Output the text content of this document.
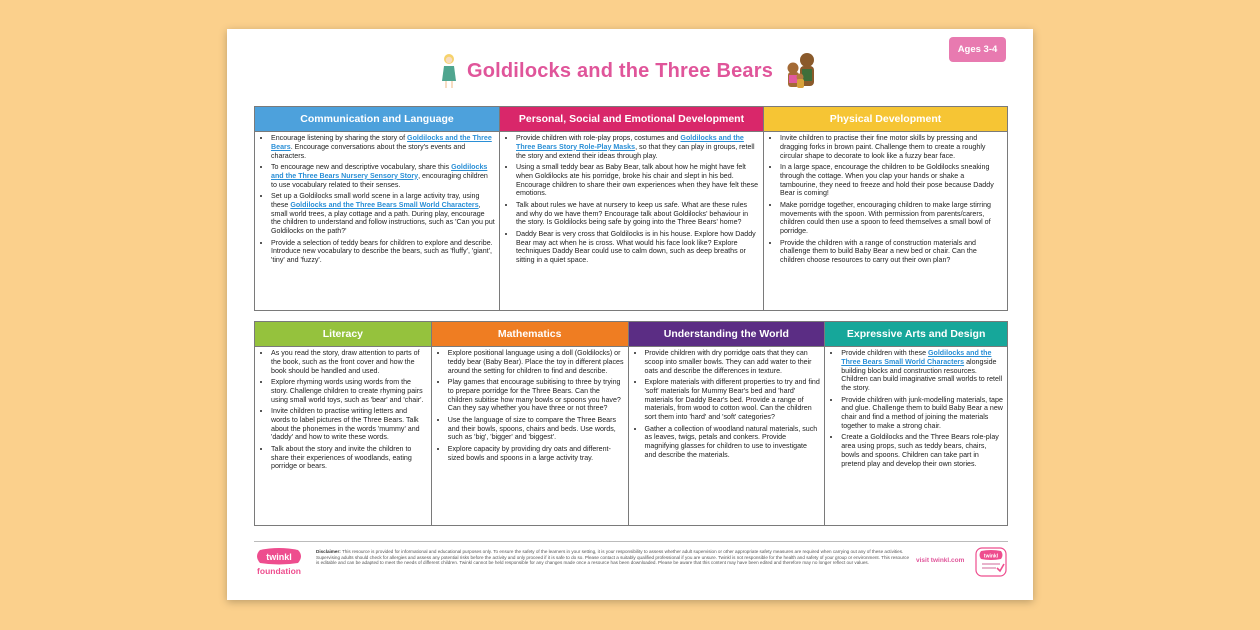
Ages 3-4
Goldilocks and the Three Bears
Communication and Language
• Encourage listening by sharing the story of Goldilocks and the Three Bears. Encourage conversations about the story's events and characters.
• To encourage new and descriptive vocabulary, share this Goldilocks and the Three Bears Nursery Sensory Story, encouraging children to use vocabulary related to their senses.
• Set up a Goldilocks small world scene in a large activity tray, using these Goldilocks and the Three Bears Small World Characters, small world trees, a play cottage and a path. During play, encourage the children to understand and follow instructions, such as 'Can you put Goldilocks on the path?'
• Provide a selection of teddy bears for children to explore and describe. Introduce new vocabulary to describe the bears, such as 'fluffy', 'giant', 'tiny' and 'fuzzy'.
Personal, Social and Emotional Development
• Provide children with role-play props, costumes and Goldilocks and the Three Bears Story Role-Play Masks, so that they can play in groups, retell the story and extend their ideas through play.
• Using a small teddy bear as Baby Bear, talk about how he might have felt when Goldilocks ate his porridge, broke his chair and slept in his bed. Encourage children to share their own experiences when they have felt these emotions.
• Talk about rules we have at nursery to keep us safe. What are these rules and why do we have them? Encourage talk about Goldilocks' behaviour in the story. Is Goldilocks being safe by going into the Three Bears' home?
• Daddy Bear is very cross that Goldilocks is in his house. Explore how Daddy Bear may act when he is cross. What would his face look like? Explore techniques Daddy Bear could use to calm down, such as deep breaths or sitting in a quiet space.
Physical Development
• Invite children to practise their fine motor skills by pressing and dragging forks in brown paint. Challenge them to create a roughly circular shape to decorate to look like a fuzzy bear face.
• In a large space, encourage the children to be Goldilocks sneaking through the cottage. When you clap your hands or shake a tambourine, they need to freeze and hold their pose because Daddy Bear is coming!
• Make porridge together, encouraging children to make large stirring movements with the spoon. With permission from parents/carers, children could then use a spoon to feed themselves a small bowl of porridge.
• Provide the children with a range of construction materials and challenge them to build Baby Bear a new bed or chair. Can the children choose resources to carry out their own plan?
Literacy
• As you read the story, draw attention to parts of the book, such as the front cover and how the book should be handled and used.
• Explore rhyming words using words from the story. Challenge children to create rhyming pairs using small world toys, such as 'bear' and 'chair'.
• Invite children to practise writing letters and words to label pictures of the Three Bears. Talk about the phonemes in the words 'mummy' and 'daddy' and how to write these words.
• Talk about the story and invite the children to share their experiences of woodlands, eating porridge or bears.
Mathematics
• Explore positional language using a doll (Goldilocks) or teddy bear (Baby Bear). Place the toy in different places around the setting for children to find and describe.
• Play games that encourage subitising to three by trying to prepare porridge for the Three Bears. Can the children subitise how many bowls or spoons you have? Can they say whether you have three or not three?
• Use the language of size to compare the Three Bears and their bowls, spoons, chairs and beds. Use words, such as 'big', 'bigger' and 'biggest'.
• Explore capacity by providing dry oats and different-sized bowls and spoons in a large activity tray.
Understanding the World
• Provide children with dry porridge oats that they can scoop into smaller bowls. They can add water to their oats and describe the differences in texture.
• Explore materials with different properties to try and find 'soft' materials for Mummy Bear's bed and 'hard' materials for Daddy Bear's bed. Provide a range of materials, from wood to cotton wool. Can the children sort them into 'hard' and 'soft' categories?
• Gather a collection of woodland natural materials, such as leaves, twigs, petals and conkers. Provide magnifying glasses for children to use to investigate and describe the materials.
Expressive Arts and Design
• Provide children with these Goldilocks and the Three Bears Small World Characters alongside building blocks and construction resources. Children can build imaginative small worlds to retell the story.
• Provide children with junk-modelling materials, tape and glue. Challenge them to build Baby Bear a new chair and find a method of joining the materials together to make a strong chair.
• Create a Goldilocks and the Three Bears role-play area using props, such as teddy bears, chairs, bowls and spoons. Children can take part in pretend play and develop their own stories.
twinkl
foundation
Disclaimer: This resource is provided for informational and educational purposes only. To ensure the safety of the learners in your setting, it is your responsibility to assess whether adult supervision or other appropriate safety measures are required when carrying out any of these activities. Supervising adults should check for allergies and assess any potential risks before the activity and only proceed if it is safe to do so. Please contact a suitably qualified professional if you are unsure. Twinkl is not responsible for the health and safety of your group or environment. This resource is editable and can be adapted to meet the needs of different children. Twinkl cannot be held responsible for any changes made once a resource has been downloaded. Please be aware that this content may have been edited and therefore may no longer reflect our values.	visit twinkl.com
twinkl
